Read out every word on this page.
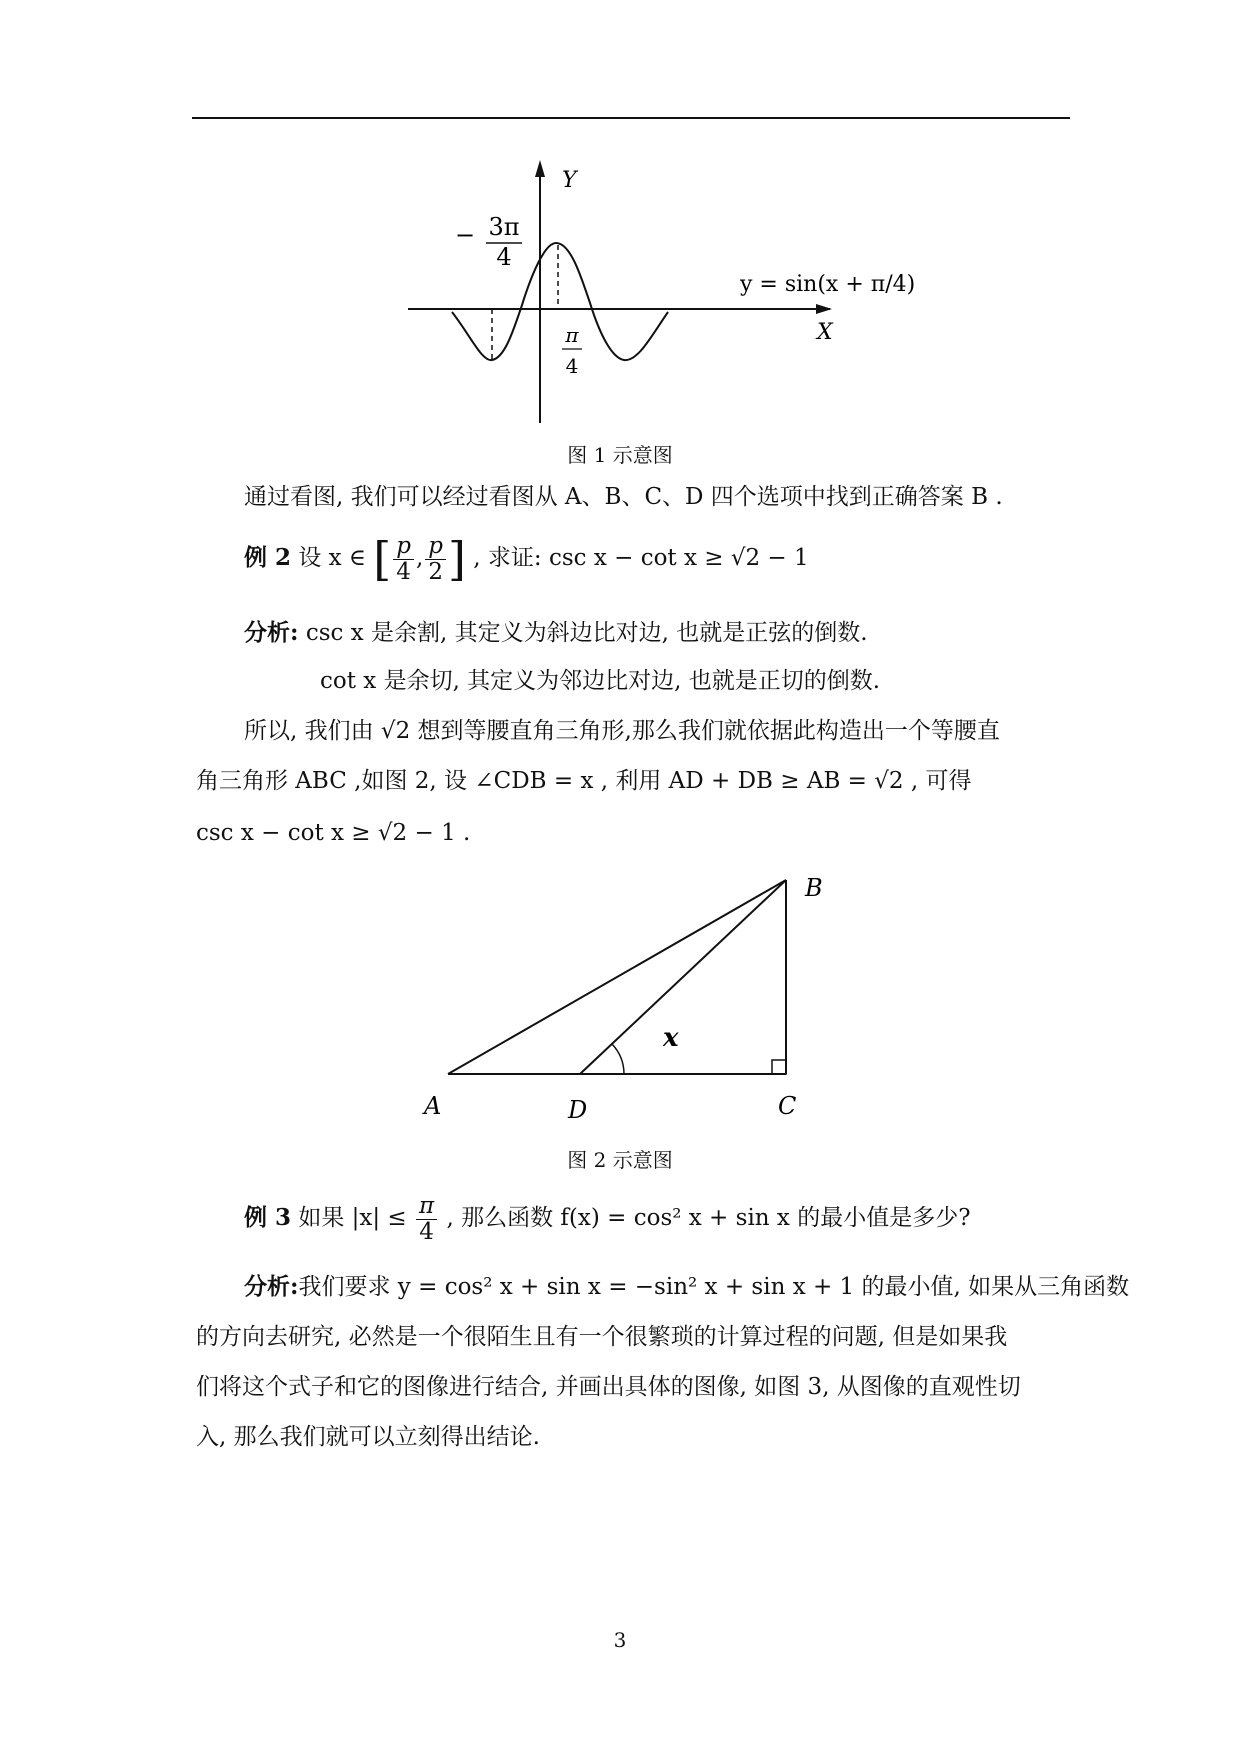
Y
X
− 3π
4
π
4
y = sin(x + π/4)
图 1 示意图
通过看图, 我们可以经过看图从 A、B、C、D 四个选项中找到正确答案 B .
例 2 设 x ∈ [ $\frac{p}{4}$ , $\frac{p}{2}$ ] , 求证: csc x − cot x ≥ √2 − 1
分析: csc x 是余割, 其定义为斜边比对边, 也就是正弦的倒数.
cot x 是余切, 其定义为邻边比对边, 也就是正切的倒数.
所以, 我们由 √2 想到等腰直角三角形,那么我们就依据此构造出一个等腰直
角三角形 ABC ,如图 2, 设 ∠CDB = x , 利用 AD + DB ≥ AB = √2 , 可得
csc x − cot x ≥ √2 − 1 .
B
A	D	C
x
图 2 示意图
例 3 如果 $|x| \le \frac{\pi}{4}$ , 那么函数 f(x) = cos² x + sin x 的最小值是多少?
分析:我们要求 y = cos² x + sin x = −sin² x + sin x + 1 的最小值, 如果从三角函数
的方向去研究, 必然是一个很陌生且有一个很繁琐的计算过程的问题, 但是如果我
们将这个式子和它的图像进行结合, 并画出具体的图像, 如图 3, 从图像的直观性切
入, 那么我们就可以立刻得出结论.
3
